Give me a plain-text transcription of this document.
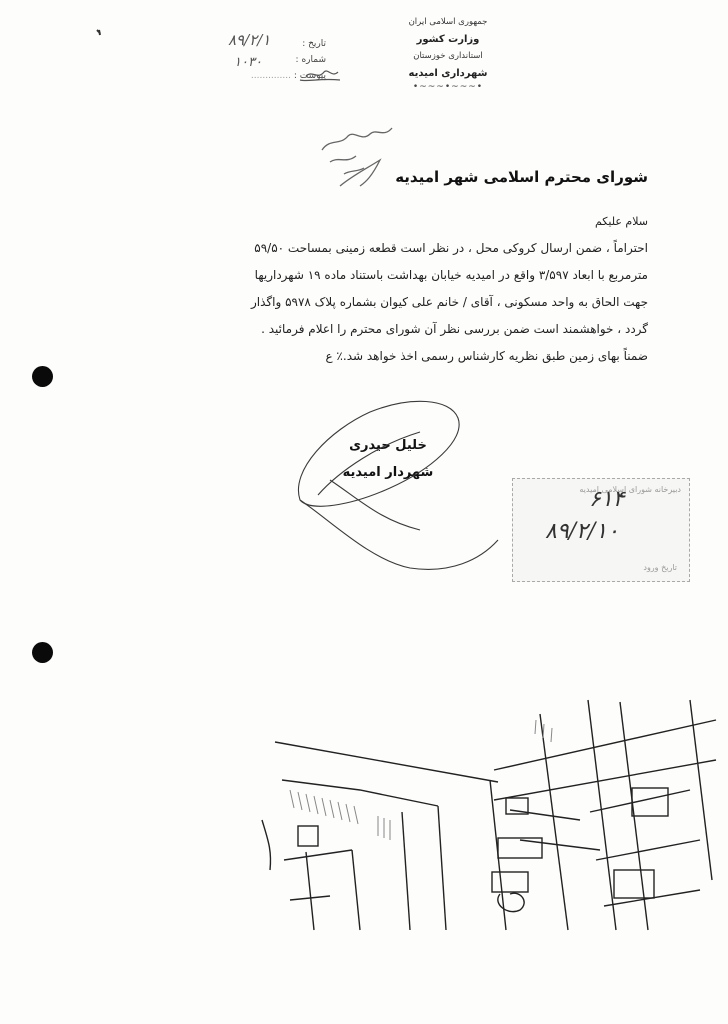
جمهوری اسلامی ایران
وزارت کشور
استانداری خوزستان
شهرداری امیدیه
•~~~•~~~•
تاریخ :
شماره :
پیوست : ..............
۸۹/۲/۱
۱۰۳۰
شورای محترم اسلامی شهر امیدیه

سلام علیکم

احتراماً ، ضمن ارسال کروکی محل ، در نظر است قطعه زمینی بمساحت ۵۹/۵۰

مترمربع با ابعاد ۳/۵۹۷ واقع در امیدیه خیابان بهداشت باستناد ماده ۱۹ شهرداریها

جهت الحاق به واحد مسکونی ، آقای / خانم علی کیوان بشماره پلاک ۵۹۷۸ واگذار

گردد ، خواهشمند است ضمن بررسی نظر آن شورای محترم را اعلام فرمائید .

ضمناً بهای زمین طبق نظریه کارشناس رسمی اخذ خواهد شد.٪ ع

خلیل حیدری
شهردار امیدیه
دبیرخانه شورای اسلامی امیدیه
۶۱۴
۸۹/۲/۱۰
تاریخ ورود
